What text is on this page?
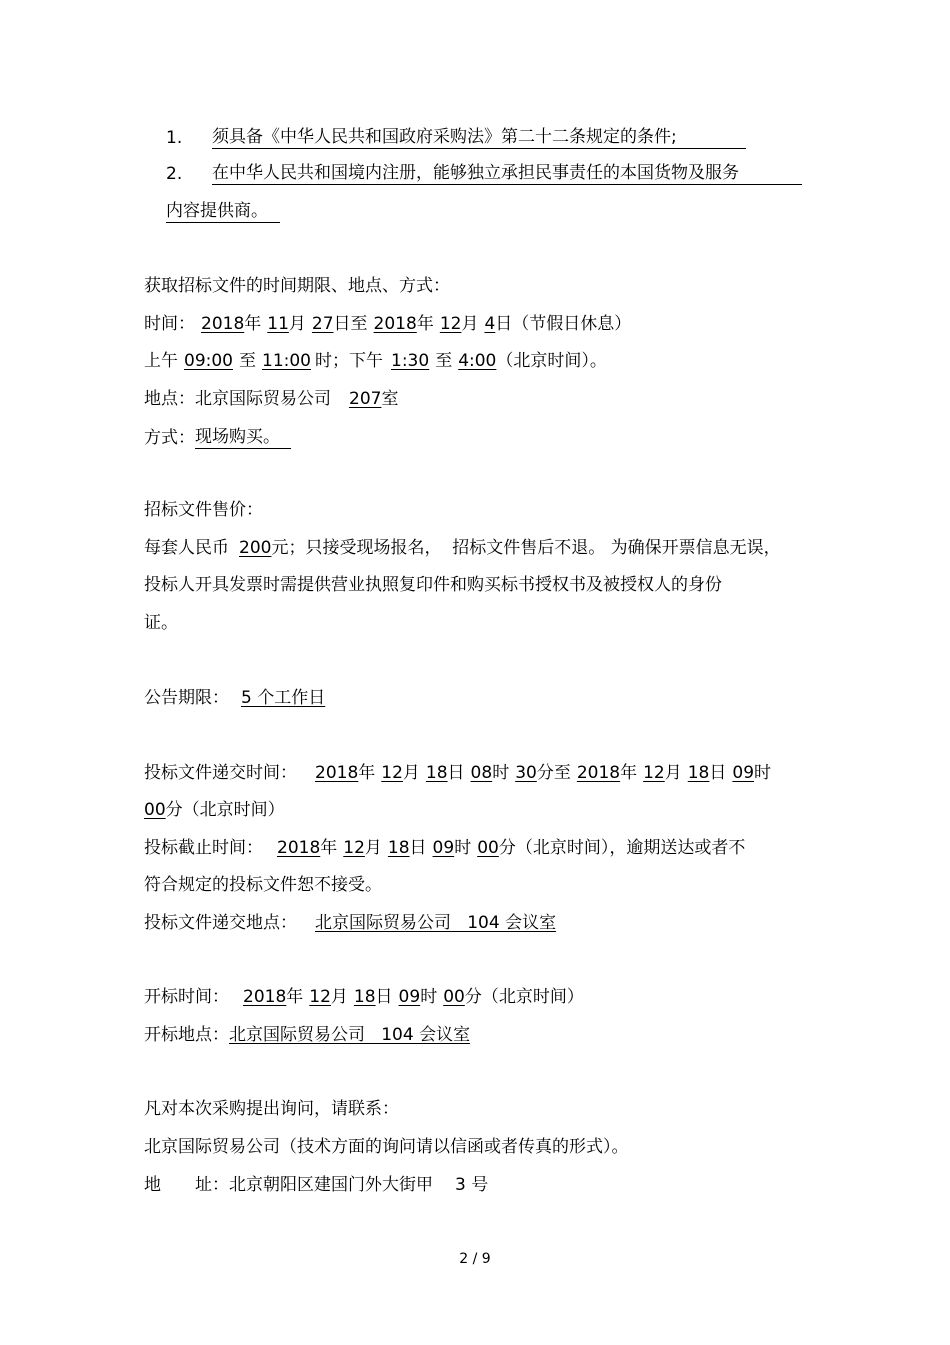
1. 须具备《中华人民共和国政府采购法》第二十二条规定的条件;
2. 在中华人民共和国境内注册，能够独立承担民事责任的本国货物及服务
内容提供商。
获取招标文件的时间期限、地点、方式：
时间： 2018年 11月 27日至 2018年 12月 4日（节假日休息）
上午 09:00 至 11:00 时；下午 1:30 至 4:00（北京时间）。
地点：北京国际贸易公司 207室
方式：现场购买。
招标文件售价：
每套人民币 200元；只接受现场报名，  招标文件售后不退。 为确保开票信息无误，
投标人开具发票时需提供营业执照复印件和购买标书授权书及被授权人的身份
证。
公告期限： 5 个工作日
投标文件递交时间： 2018年 12月 18日 08时 30分至 2018年 12月 18日 09时
00分（北京时间）
投标截止时间： 2018年 12月 18日 09时 00分（北京时间），逾期送达或者不
符合规定的投标文件恕不接受。
投标文件递交地点： 北京国际贸易公司   104 会议室
开标时间： 2018年 12月 18日 09时 00分（北京时间）
开标地点：北京国际贸易公司   104 会议室
凡对本次采购提出询问，请联系：
北京国际贸易公司（技术方面的询问请以信函或者传真的形式）。
地 址：北京朝阳区建国门外大街甲 3 号
2 / 9
